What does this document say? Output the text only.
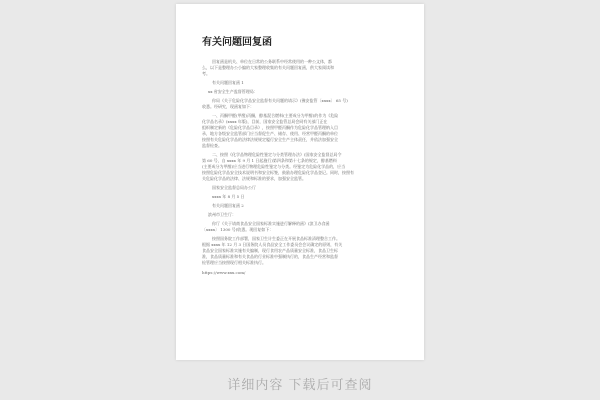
有关问题回复函
回复函是机关、单位在日常的公务联系中经常使用的一种公文体，都
么，以下是整理办公小编的大家整理收集的有关问题回复函，供大家阅读和
考。
有关问题回复函 1
xx 省安全生产监督管理局：
你局《关于危险化学品安全监督有关问题的请示》(豫安监管〔xxxx〕 65 号)
收悉。经研究，现函复如下：
一、丙酮甲醛(甲醛)丙酮，醇基混合燃料(主要成分为甲醇)的作为《危险
化学品名录》(xxxx 年版)，目前，国家安全监管总局会同有关部门正在
组织制定新的《危险化学品目录》，按照甲醛丙酮作为危险化学品管理纳入目
录，地方各级安全监管部门应当督促生产、储存、使用、经营甲醛丙酮的单位
按照有关危险化学品的法律法规规定履行安全生产主体责任，并依法加强安全
监督检查。
二、按照《化学品物理危险性鉴定与分类管理办法》(国家安全监督总局令
第 60 号，自 xxxx 年 9 月 1 日起施行)第四条和第十七条的规定，醇基燃料
(主要成分为甲醇)应当进行物理危险性鉴定与分类。经鉴定为危险化学品的，应当
按照危险化学品安全技术说明书和安全标签，鼓励办理危险化学品登记。同时，按照有
关危险化学品的法律、法规和标准的要求，加强安全监管。
国家安全监督总局办公厅
xxxx 年 8 月 5 日
有关问题回复函 2
滨州市卫生厅：
你厅《关于请商食品安全国家标准实施进行解释的函》(滨卫办食函
〔xxxx〕 1300 号)收悉。现回复如下：
按照国务院工作部署，国家卫生计生委正在开展食品标准清理整合工作。
根据 xxxx 年 12 月 3 日国务院人员食品安全工作委员会会议确定的原则，有关
食品安全国家标准实施有关编制，现行食用农产品质量安全标准，食品卫生标
准，食品质量标准和有关食品的行业标准中强制执行的，食品生产经营和监督
检管理应当按照现行相关标准执行。
https://www.xxx.com/
详细内容 下载后可查阅
